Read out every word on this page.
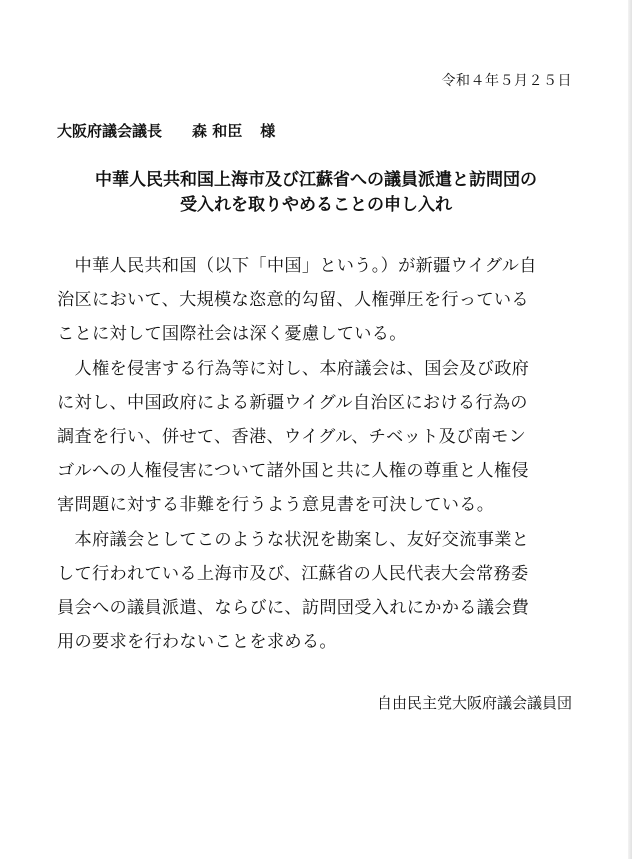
令和４年５月２５日
大阪府議会議長 森 和臣 様
中華人民共和国上海市及び江蘇省への議員派遣と訪問団の
受入れを取りやめることの申し入れ
　中華人民共和国（以下「中国」という。）が新疆ウイグル自
治区において、大規模な恣意的勾留、人権弾圧を行っている
ことに対して国際社会は深く憂慮している。
　人権を侵害する行為等に対し、本府議会は、国会及び政府
に対し、中国政府による新疆ウイグル自治区における行為の
調査を行い、併せて、香港、ウイグル、チベット及び南モン
ゴルへの人権侵害について諸外国と共に人権の尊重と人権侵
害問題に対する非難を行うよう意見書を可決している。
　本府議会としてこのような状況を勘案し、友好交流事業と
して行われている上海市及び、江蘇省の人民代表大会常務委
員会への議員派遣、ならびに、訪問団受入れにかかる議会費
用の要求を行わないことを求める。
自由民主党大阪府議会議員団
